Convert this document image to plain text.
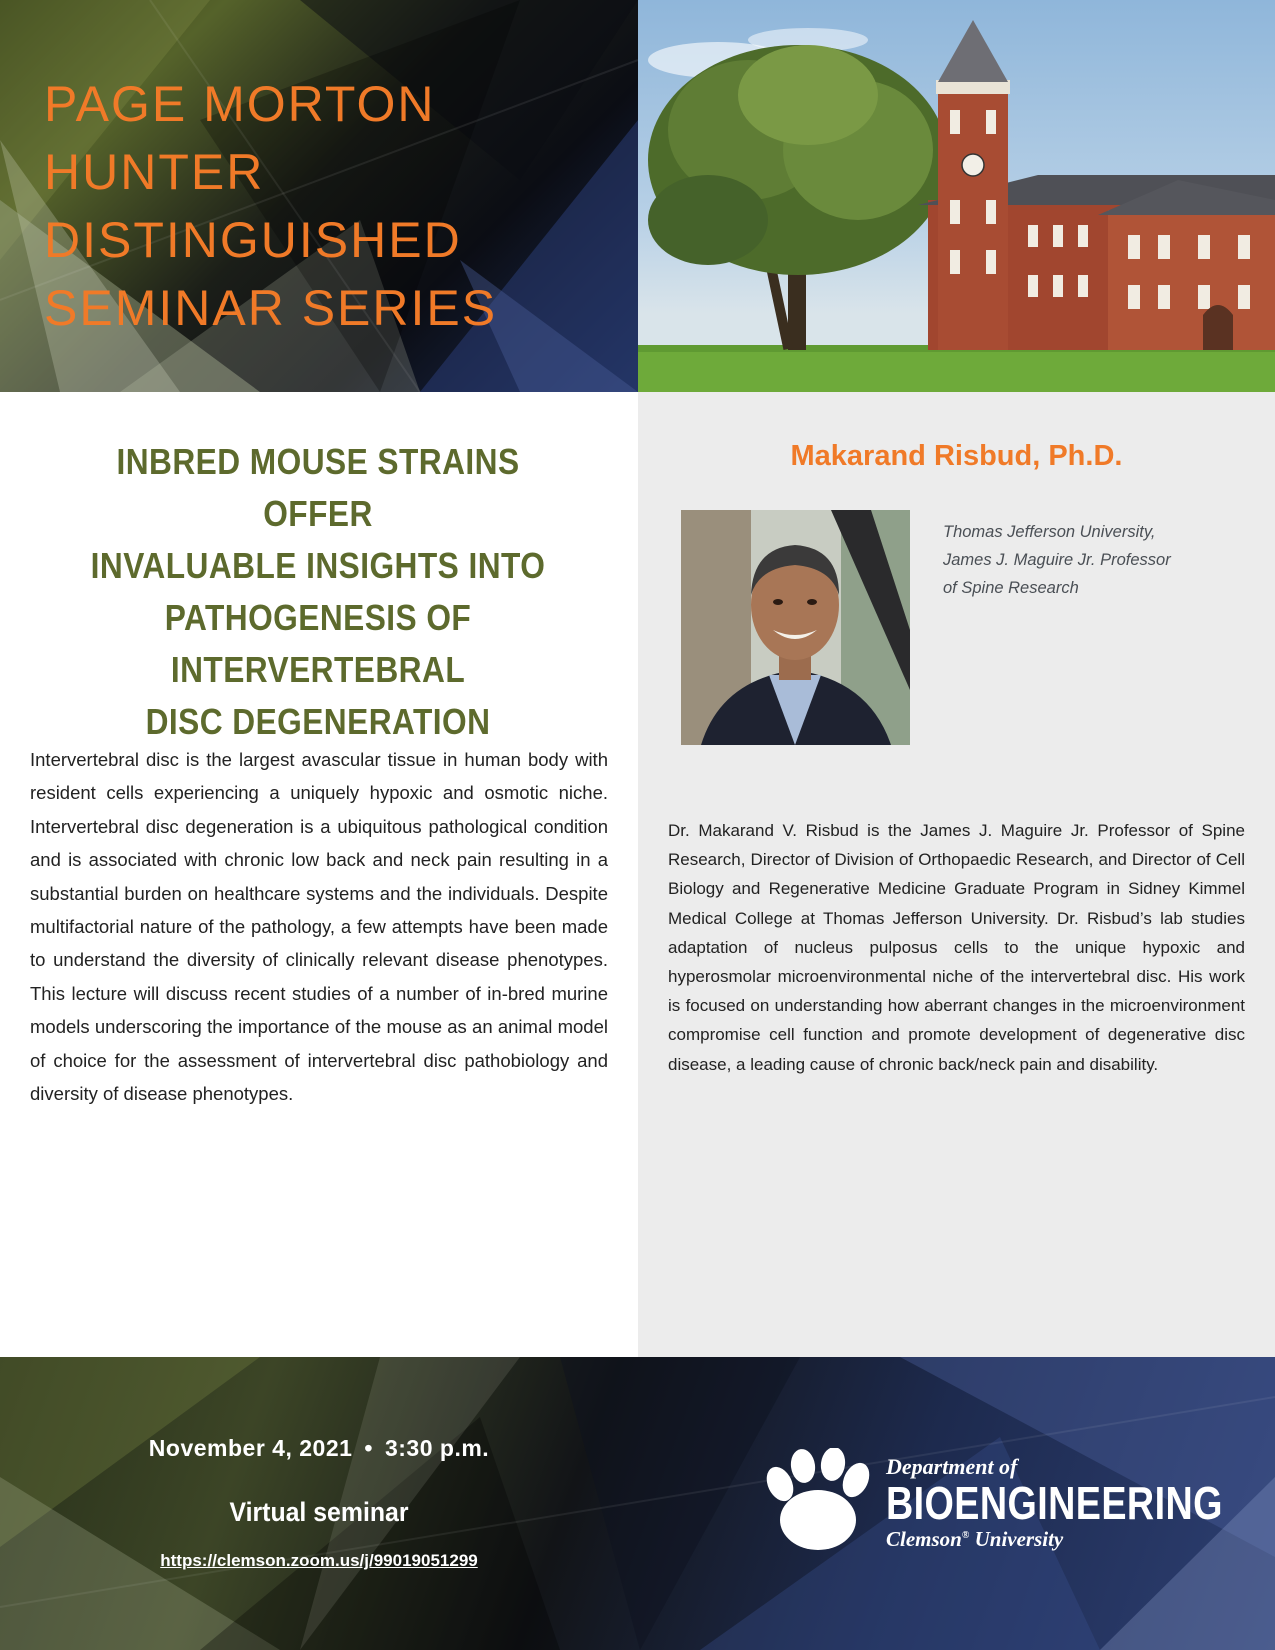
PAGE MORTON
HUNTER
DISTINGUISHED
SEMINAR SERIES
INBRED MOUSE STRAINS OFFER
INVALUABLE INSIGHTS INTO
PATHOGENESIS OF INTERVERTEBRAL
DISC DEGENERATION

Intervertebral disc is the largest avascular tissue in human body with resident cells experiencing a uniquely hypoxic and osmotic niche. Intervertebral disc degeneration is a ubiquitous pathological condition and is associated with chronic low back and neck pain resulting in a substantial burden on healthcare systems and the individuals. Despite multifactorial nature of the pathology, a few attempts have been made to understand the diversity of clinically relevant disease phenotypes. This lecture will discuss recent studies of a number of in-bred murine models underscoring the importance of the mouse as an animal model of choice for the assessment of intervertebral disc pathobiology and diversity of disease phenotypes.

Makarand Risbud, Ph.D.

Thomas Jefferson University,
James J. Maguire Jr. Professor
of Spine Research

Dr. Makarand V. Risbud is the James J. Maguire Jr. Professor of Spine Research, Director of Division of Orthopaedic Research, and Director of Cell Biology and Regenerative Medicine Graduate Program in Sidney Kimmel Medical College at Thomas Jefferson University. Dr. Risbud’s lab studies adaptation of nucleus pulposus cells to the unique hypoxic and hyperosmolar microenvironmental niche of the intervertebral disc. His work is focused on understanding how aberrant changes in the microenvironment compromise cell function and promote development of degenerative disc disease, a leading cause of chronic back/neck pain and disability.

November 4, 2021 • 3:30 p.m.
Virtual seminar
https://clemson.zoom.us/j/99019051299
Department of
BIOENGINEERING
Clemson® University
